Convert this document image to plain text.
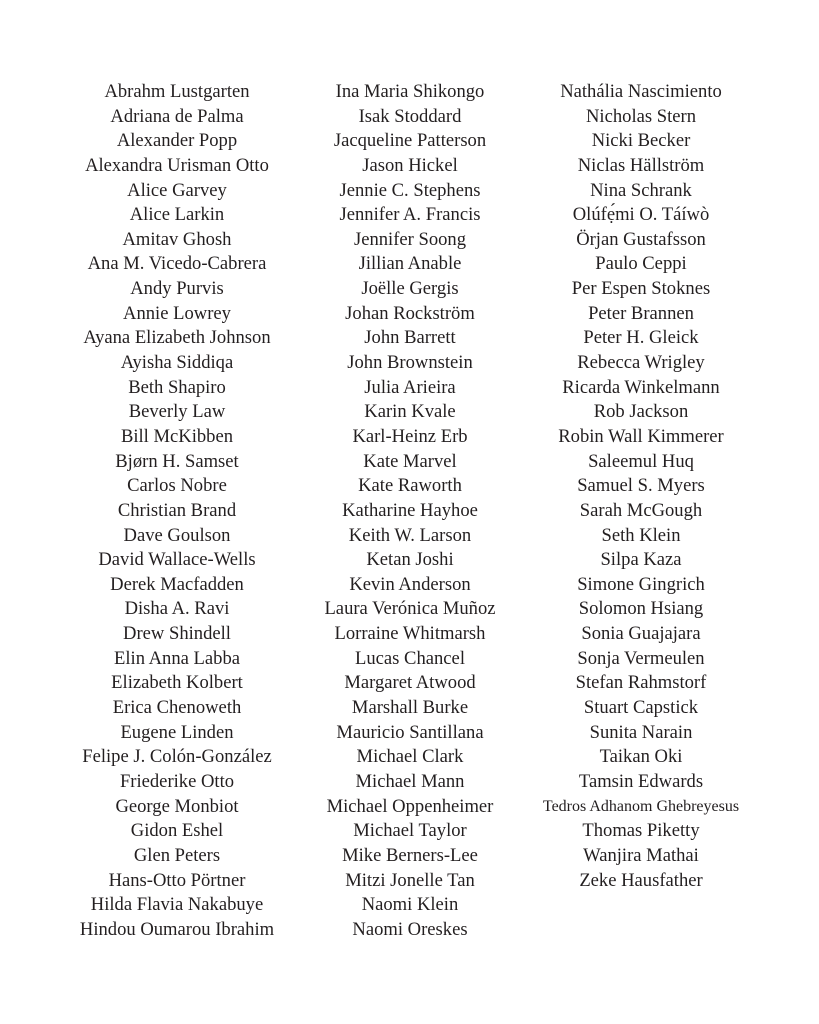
Abrahm Lustgarten
Adriana de Palma
Alexander Popp
Alexandra Urisman Otto
Alice Garvey
Alice Larkin
Amitav Ghosh
Ana M. Vicedo-Cabrera
Andy Purvis
Annie Lowrey
Ayana Elizabeth Johnson
Ayisha Siddiqa
Beth Shapiro
Beverly Law
Bill McKibben
Bjørn H. Samset
Carlos Nobre
Christian Brand
Dave Goulson
David Wallace-Wells
Derek Macfadden
Disha A. Ravi
Drew Shindell
Elin Anna Labba
Elizabeth Kolbert
Erica Chenoweth
Eugene Linden
Felipe J. Colón-González
Friederike Otto
George Monbiot
Gidon Eshel
Glen Peters
Hans-Otto Pörtner
Hilda Flavia Nakabuye
Hindou Oumarou Ibrahim
Ina Maria Shikongo
Isak Stoddard
Jacqueline Patterson
Jason Hickel
Jennie C. Stephens
Jennifer A. Francis
Jennifer Soong
Jillian Anable
Joëlle Gergis
Johan Rockström
John Barrett
John Brownstein
Julia Arieira
Karin Kvale
Karl-Heinz Erb
Kate Marvel
Kate Raworth
Katharine Hayhoe
Keith W. Larson
Ketan Joshi
Kevin Anderson
Laura Verónica Muñoz
Lorraine Whitmarsh
Lucas Chancel
Margaret Atwood
Marshall Burke
Mauricio Santillana
Michael Clark
Michael Mann
Michael Oppenheimer
Michael Taylor
Mike Berners-Lee
Mitzi Jonelle Tan
Naomi Klein
Naomi Oreskes
Nathália Nascimiento
Nicholas Stern
Nicki Becker
Niclas Hällström
Nina Schrank
Olúfẹ́mi O. Táíwò
Örjan Gustafsson
Paulo Ceppi
Per Espen Stoknes
Peter Brannen
Peter H. Gleick
Rebecca Wrigley
Ricarda Winkelmann
Rob Jackson
Robin Wall Kimmerer
Saleemul Huq
Samuel S. Myers
Sarah McGough
Seth Klein
Silpa Kaza
Simone Gingrich
Solomon Hsiang
Sonia Guajajara
Sonja Vermeulen
Stefan Rahmstorf
Stuart Capstick
Sunita Narain
Taikan Oki
Tamsin Edwards
Tedros Adhanom Ghebreyesus
Thomas Piketty
Wanjira Mathai
Zeke Hausfather
